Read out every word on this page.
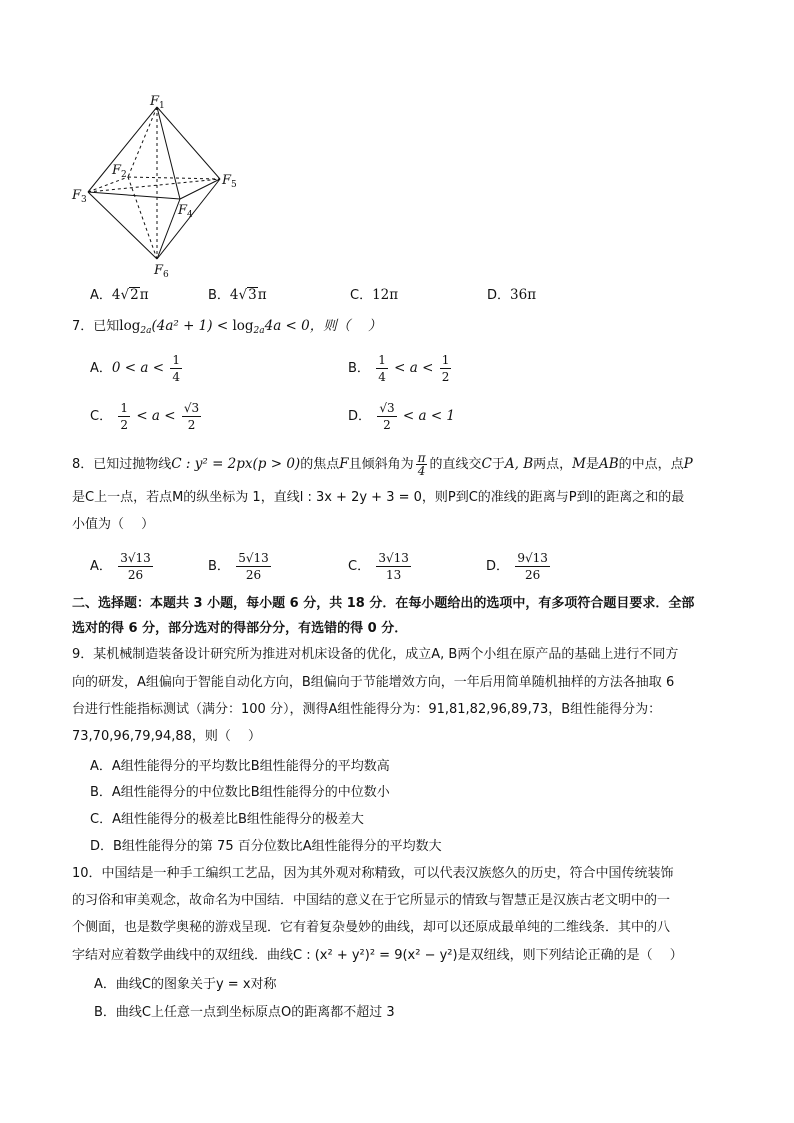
$F_1$
$F_2$
$F_3$
$F_4$
$F_5$
$F_6$
A．4√2π	B．4√3π	C．12π	D．36π
7．已知$\log_{2a}(4a^2 + 1) < \log_{2a}4a < 0$，则（　 ）
A．$0 < a < \frac{1}{4}$	B． $\frac{1}{4} < a < \frac{1}{2}$
C． $\frac{1}{2} < a < \frac{√3}{2}$	D． $\frac{√3}{2} < a < 1$
8．已知过抛物线C : y² = 2px(p > 0)的焦点F且倾斜角为 $\frac{\pi}{4}$ 的直线交C于A, B两点，M是AB的中点，点P
是C上一点，若点M的纵坐标为 1，直线l : 3x + 2y + 3 = 0，则P到C的准线的距离与P到l的距离之和的最
小值为（　 ）
A． $\frac{3√13}{26}$	B． $\frac{5√13}{26}$	C． $\frac{3√13}{13}$	D． $\frac{9√13}{26}$
二、选择题：本题共 3 小题，每小题 6 分，共 18 分．在每小题给出的选项中，有多项符合题目要求．全部
选对的得 6 分，部分选对的得部分分，有选错的得 0 分．
9．某机械制造装备设计研究所为推进对机床设备的优化，成立A, B两个小组在原产品的基础上进行不同方
向的研发，A组偏向于智能自动化方向，B组偏向于节能增效方向，一年后用简单随机抽样的方法各抽取 6
台进行性能指标测试（满分：100 分），测得A组性能得分为：91,81,82,96,89,73，B组性能得分为：
73,70,96,79,94,88，则（　 ）
A．A组性能得分的平均数比B组性能得分的平均数高
B．A组性能得分的中位数比B组性能得分的中位数小
C．A组性能得分的极差比B组性能得分的极差大
D．B组性能得分的第 75 百分位数比A组性能得分的平均数大
10．中国结是一种手工编织工艺品，因为其外观对称精致，可以代表汉族悠久的历史，符合中国传统装饰
的习俗和审美观念，故命名为中国结．中国结的意义在于它所显示的情致与智慧正是汉族古老文明中的一
个侧面，也是数学奥秘的游戏呈现．它有着复杂曼妙的曲线，却可以还原成最单纯的二维线条．其中的八
字结对应着数学曲线中的双纽线．曲线C : (x² + y²)² = 9(x² − y²)是双纽线，则下列结论正确的是（　 ）
A．曲线C的图象关于y = x对称
B．曲线C上任意一点到坐标原点O的距离都不超过 3
